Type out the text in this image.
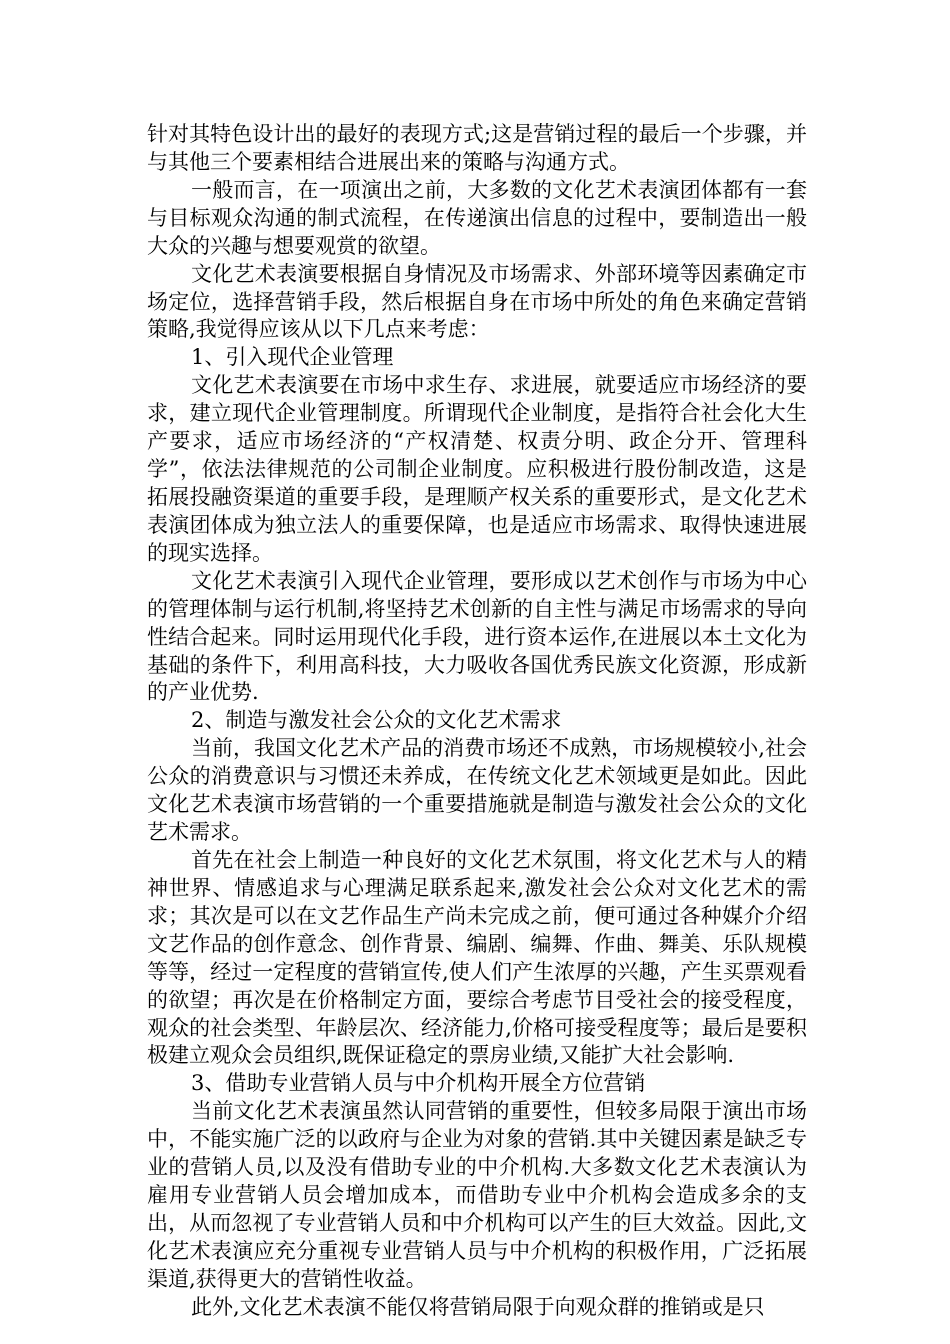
针对其特色设计出的最好的表现方式;这是营销过程的最后一个步骤，并与其他三个要素相结合进展出来的策略与沟通方式。

一般而言，在一项演出之前，大多数的文化艺术表演团体都有一套与目标观众沟通的制式流程，在传递演出信息的过程中，要制造出一般大众的兴趣与想要观赏的欲望。

文化艺术表演要根据自身情况及市场需求、外部环境等因素确定市场定位，选择营销手段，然后根据自身在市场中所处的角色来确定营销策略,我觉得应该从以下几点来考虑：

1、引入现代企业管理

文化艺术表演要在市场中求生存、求进展，就要适应市场经济的要求，建立现代企业管理制度。所谓现代企业制度，是指符合社会化大生产要求，适应市场经济的“产权清楚、权责分明、政企分开、管理科学”，依法法律规范的公司制企业制度。应积极进行股份制改造，这是拓展投融资渠道的重要手段，是理顺产权关系的重要形式，是文化艺术表演团体成为独立法人的重要保障，也是适应市场需求、取得快速进展的现实选择。

文化艺术表演引入现代企业管理，要形成以艺术创作与市场为中心的管理体制与运行机制,将坚持艺术创新的自主性与满足市场需求的导向性结合起来。同时运用现代化手段，进行资本运作,在进展以本土文化为基础的条件下，利用高科技，大力吸收各国优秀民族文化资源，形成新的产业优势.

2、制造与激发社会公众的文化艺术需求

当前，我国文化艺术产品的消费市场还不成熟，市场规模较小,社会公众的消费意识与习惯还未养成，在传统文化艺术领域更是如此。因此文化艺术表演市场营销的一个重要措施就是制造与激发社会公众的文化艺术需求。

首先在社会上制造一种良好的文化艺术氛围，将文化艺术与人的精神世界、情感追求与心理满足联系起来,激发社会公众对文化艺术的需求；其次是可以在文艺作品生产尚未完成之前，便可通过各种媒介介绍文艺作品的创作意念、创作背景、编剧、编舞、作曲、舞美、乐队规模等等，经过一定程度的营销宣传,使人们产生浓厚的兴趣，产生买票观看的欲望；再次是在价格制定方面，要综合考虑节目受社会的接受程度，观众的社会类型、年龄层次、经济能力,价格可接受程度等；最后是要积极建立观众会员组织,既保证稳定的票房业绩,又能扩大社会影响.

3、借助专业营销人员与中介机构开展全方位营销

当前文化艺术表演虽然认同营销的重要性，但较多局限于演出市场中，不能实施广泛的以政府与企业为对象的营销.其中关键因素是缺乏专业的营销人员,以及没有借助专业的中介机构.大多数文化艺术表演认为雇用专业营销人员会增加成本，而借助专业中介机构会造成多余的支出，从而忽视了专业营销人员和中介机构可以产生的巨大效益。因此,文化艺术表演应充分重视专业营销人员与中介机构的积极作用，广泛拓展渠道,获得更大的营销性收益。

此外,文化艺术表演不能仅将营销局限于向观众群的推销或是只
